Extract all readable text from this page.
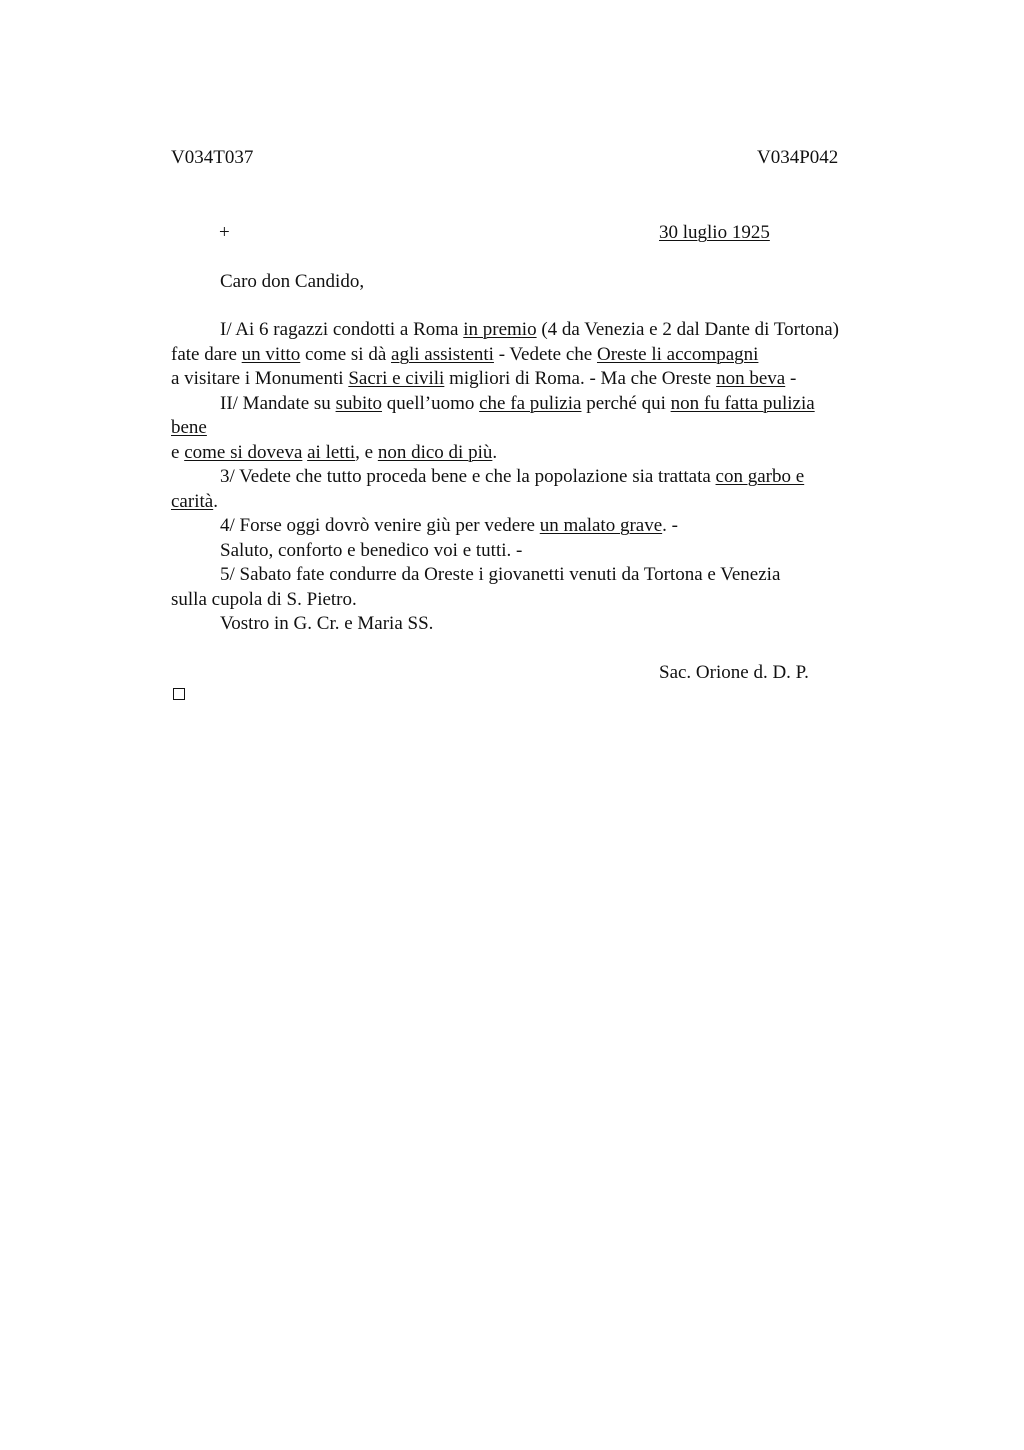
V034T037	V034P042
+	30 luglio 1925
Caro don Candido,
I/ Ai 6 ragazzi condotti a Roma in premio (4 da Venezia e 2 dal Dante di Tortona)
fate dare un vitto come si dà agli assistenti - Vedete che Oreste li accompagni
a visitare i Monumenti Sacri e civili migliori di Roma. - Ma che Oreste non beva -
II/ Mandate su subito quell’uomo che fa pulizia perché qui non fu fatta pulizia
bene
e come si doveva ai letti, e non dico di più.
3/ Vedete che tutto proceda bene e che la popolazione sia trattata con garbo e
carità.
4/ Forse oggi dovrò venire giù per vedere un malato grave. -
Saluto, conforto e benedico voi e tutti. -
5/ Sabato fate condurre da Oreste i giovanetti venuti da Tortona e Venezia
sulla cupola di S. Pietro.
Vostro in G. Cr. e Maria SS.
Sac. Orione d. D. P.
